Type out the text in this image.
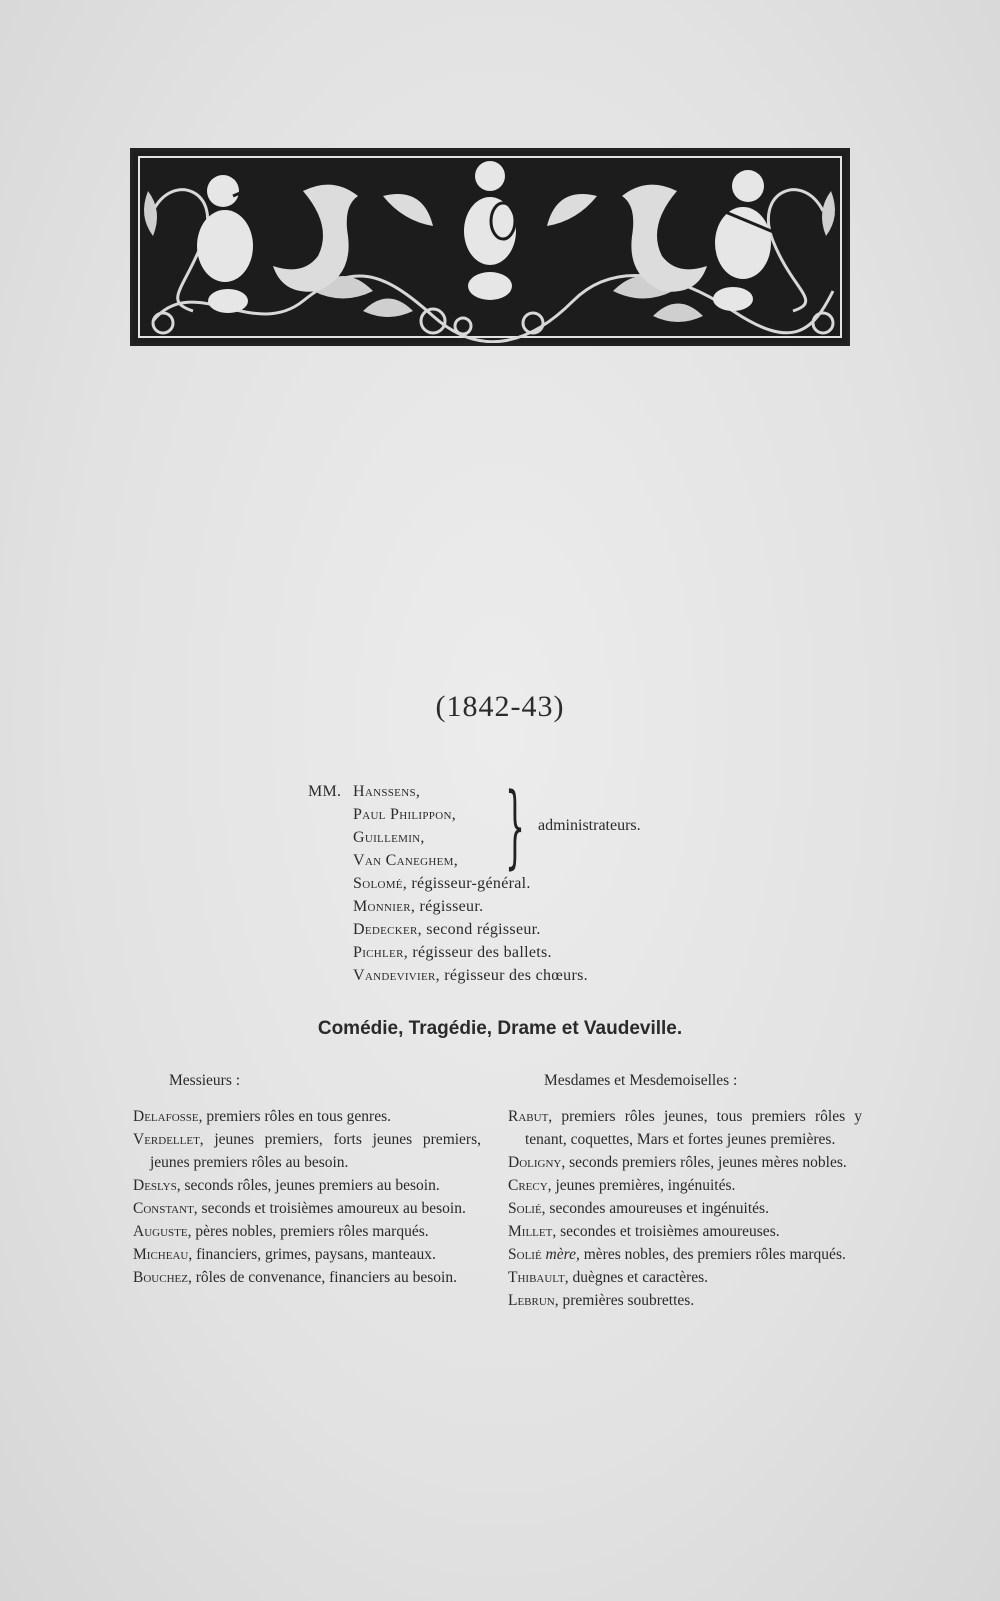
(1842-43)
MM. Hanssens,
Paul Philippon,
Guillemin,
Van Caneghem,
Solomé, régisseur-général.
Monnier, régisseur.
Dedecker, second régisseur.
Pichler, régisseur des ballets.
Vandevivier, régisseur des chœurs.
} administrateurs.
Comédie, Tragédie, Drame et Vaudeville.
Messieurs :
Delafosse, premiers rôles en tous genres.
Verdellet, jeunes premiers, forts jeunes premiers, jeunes premiers rôles au besoin.
Deslys, seconds rôles, jeunes premiers au besoin.
Constant, seconds et troisièmes amoureux au besoin.
Auguste, pères nobles, premiers rôles marqués.
Micheau, financiers, grimes, paysans, manteaux.
Bouchez, rôles de convenance, financiers au besoin.
Mesdames et Mesdemoiselles :
Rabut, premiers rôles jeunes, tous premiers rôles y tenant, coquettes, Mars et fortes jeunes premières.
Doligny, seconds premiers rôles, jeunes mères nobles.
Crecy, jeunes premières, ingénuités.
Solié, secondes amoureuses et ingénuités.
Millet, secondes et troisièmes amoureuses.
Solié mère, mères nobles, des premiers rôles marqués.
Thibault, duègnes et caractères.
Lebrun, premières soubrettes.
